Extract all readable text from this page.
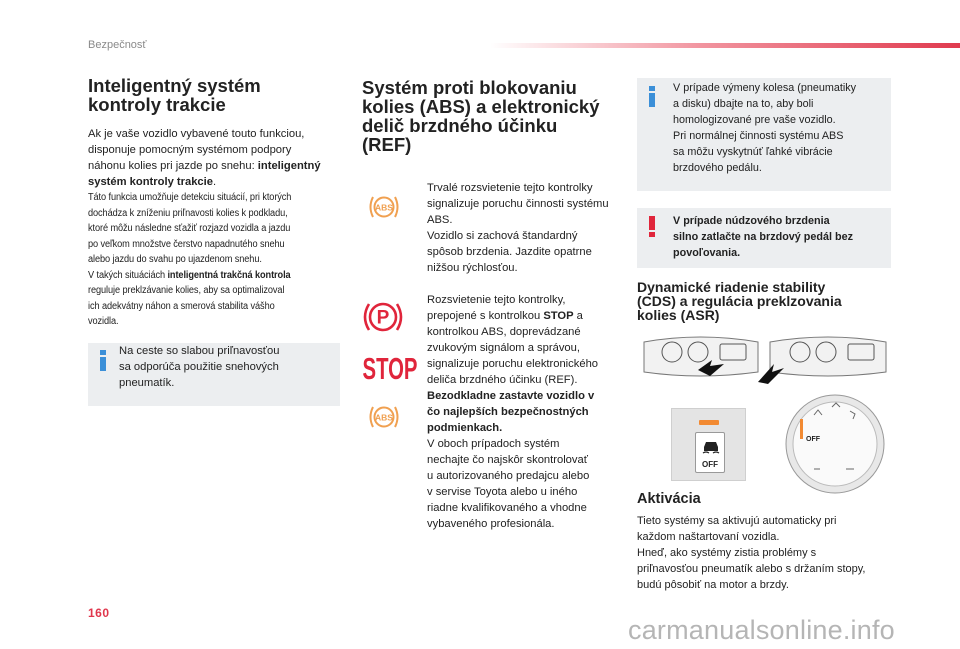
Bezpečnosť
Inteligentný systém
kontroly trakcie
Ak je vaše vozidlo vybavené touto funkciou,
disponuje pomocným systémom podpory
náhonu kolies pri jazde po snehu: inteligentný
systém kontroly trakcie.
Táto funkcia umožňuje detekciu situácií, pri ktorých
dochádza k zníženiu priľnavosti kolies k podkladu,
ktoré môžu následne sťažiť rozjazd vozidla a jazdu
po veľkom množstve čerstvo napadnutého snehu
alebo jazdu do svahu po ujazdenom snehu.
V takých situáciách inteligentná trakčná kontrola
reguluje preklzávanie kolies, aby sa optimalizoval
ich adekvátny náhon a smerová stabilita vášho
vozidla.
Na ceste so slabou priľnavosťou
sa odporúča použitie snehových
pneumatík.
Systém proti blokovaniu
kolies (ABS) a elektronický
delič brzdného účinku
(REF)
ABS
Trvalé rozsvietenie tejto kontrolky
signalizuje poruchu činnosti systému
ABS.
Vozidlo si zachová štandardný
spôsob brzdenia. Jazdite opatrne
nižšou rýchlosťou.
P
STOP
ABS
Rozsvietenie tejto kontrolky,
prepojené s kontrolkou STOP a
kontrolkou ABS, doprevádzané
zvukovým signálom a správou,
signalizuje poruchu elektronického
deliča brzdného účinku (REF).
Bezodkladne zastavte vozidlo v
čo najlepších bezpečnostných
podmienkach.
V oboch prípadoch systém
nechajte čo najskôr skontrolovať
u autorizovaného predajcu alebo
v servise Toyota alebo u iného
riadne kvalifikovaného a vhodne
vybaveného profesionála.
V prípade výmeny kolesa (pneumatiky
a disku) dbajte na to, aby boli
homologizované pre vaše vozidlo.
Pri normálnej činnosti systému ABS
sa môžu vyskytnúť ľahké vibrácie
brzdového pedálu.
V prípade núdzového brzdenia
silno zatlačte na brzdový pedál bez
povoľovania.
Dynamické riadenie stability
(CDS) a regulácia preklzovania
kolies (ASR)
OFF
OFF
Aktivácia
Tieto systémy sa aktivujú automaticky pri
každom naštartovaní vozidla.
Hneď, ako systémy zistia problémy s
priľnavosťou pneumatík alebo s držaním stopy,
budú pôsobiť na motor a brzdy.
160
carmanualsonline.info
